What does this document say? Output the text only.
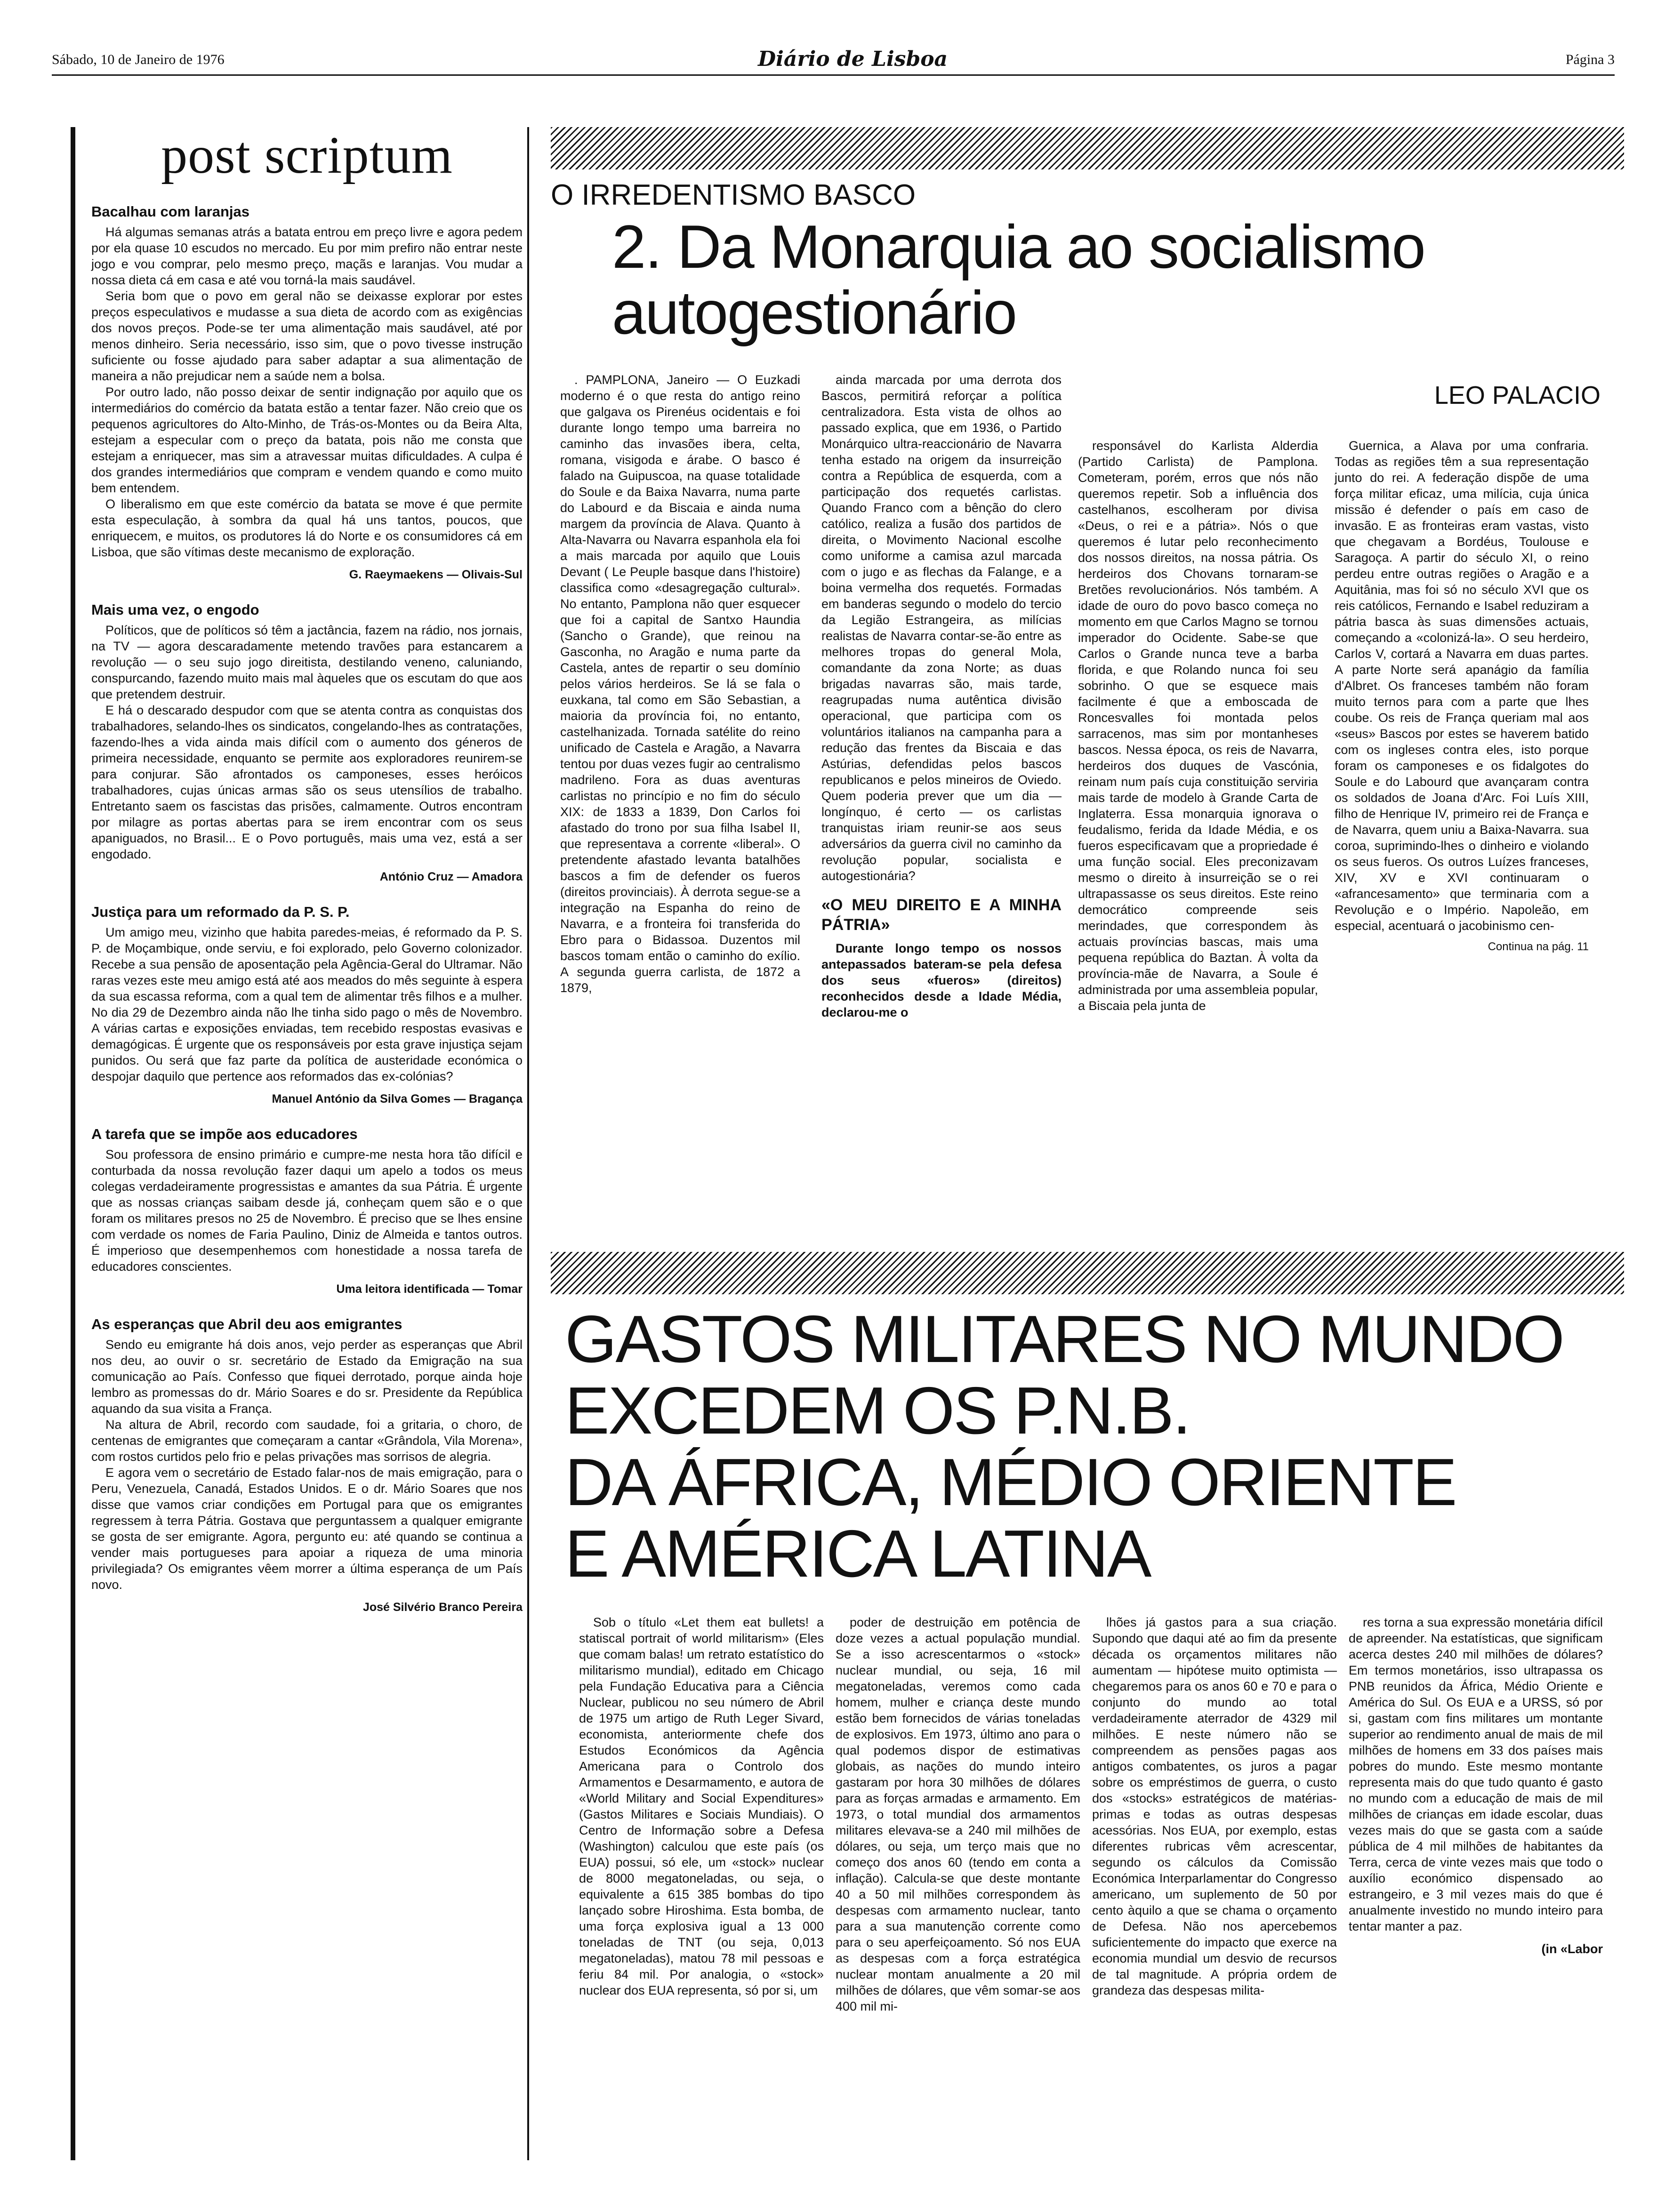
Sábado, 10 de Janeiro de 1976	Diário de Lisboa	Página 3
post scriptum
Bacalhau com laranjas

Há algumas semanas atrás a batata entrou em preço livre e agora pedem por ela quase 10 escudos no mercado. Eu por mim prefiro não entrar neste jogo e vou comprar, pelo mesmo preço, maçãs e laranjas. Vou mudar a nossa dieta cá em casa e até vou torná-la mais saudável.

Seria bom que o povo em geral não se deixasse explorar por estes preços especulativos e mudasse a sua dieta de acordo com as exigências dos novos preços. Pode-se ter uma alimentação mais saudável, até por menos dinheiro. Seria necessário, isso sim, que o povo tivesse instrução suficiente ou fosse ajudado para saber adaptar a sua alimentação de maneira a não prejudicar nem a saúde nem a bolsa.

Por outro lado, não posso deixar de sentir indignação por aquilo que os intermediários do comércio da batata estão a tentar fazer. Não creio que os pequenos agricultores do Alto-Minho, de Trás-os-Montes ou da Beira Alta, estejam a especular com o preço da batata, pois não me consta que estejam a enriquecer, mas sim a atravessar muitas dificuldades. A culpa é dos grandes intermediários que compram e vendem quando e como muito bem entendem.

O liberalismo em que este comércio da batata se move é que permite esta especulação, à sombra da qual há uns tantos, poucos, que enriquecem, e muitos, os produtores lá do Norte e os consumidores cá em Lisboa, que são vítimas deste mecanismo de exploração.

G. Raeymaekens — Olivais-Sul
Mais uma vez, o engodo

Políticos, que de políticos só têm a jactância, fazem na rádio, nos jornais, na TV — agora descaradamente metendo travões para estancarem a revolução — o seu sujo jogo direitista, destilando veneno, caluniando, conspurcando, fazendo muito mais mal àqueles que os escutam do que aos que pretendem destruir.

E há o descarado despudor com que se atenta contra as conquistas dos trabalhadores, selando-lhes os sindicatos, congelando-lhes as contratações, fazendo-lhes a vida ainda mais difícil com o aumento dos géneros de primeira necessidade, enquanto se permite aos exploradores reunirem-se para conjurar. São afrontados os camponeses, esses heróicos trabalhadores, cujas únicas armas são os seus utensílios de trabalho. Entretanto saem os fascistas das prisões, calmamente. Outros encontram por milagre as portas abertas para se irem encontrar com os seus apaniguados, no Brasil... E o Povo português, mais uma vez, está a ser engodado.

António Cruz — Amadora
Justiça para um reformado da P. S. P.

Um amigo meu, vizinho que habita paredes-meias, é reformado da P. S. P. de Moçambique, onde serviu, e foi explorado, pelo Governo colonizador. Recebe a sua pensão de aposentação pela Agência-Geral do Ultramar. Não raras vezes este meu amigo está até aos meados do mês seguinte à espera da sua escassa reforma, com a qual tem de alimentar três filhos e a mulher. No dia 29 de Dezembro ainda não lhe tinha sido pago o mês de Novembro. A várias cartas e exposições enviadas, tem recebido respostas evasivas e demagógicas. É urgente que os responsáveis por esta grave injustiça sejam punidos. Ou será que faz parte da política de austeridade económica o despojar daquilo que pertence aos reformados das ex-colónias?

Manuel António da Silva Gomes — Bragança
A tarefa que se impõe aos educadores

Sou professora de ensino primário e cumpre-me nesta hora tão difícil e conturbada da nossa revolução fazer daqui um apelo a todos os meus colegas verdadeiramente progressistas e amantes da sua Pátria. É urgente que as nossas crianças saibam desde já, conheçam quem são e o que foram os militares presos no 25 de Novembro. É preciso que se lhes ensine com verdade os nomes de Faria Paulino, Diniz de Almeida e tantos outros. É imperioso que desempenhemos com honestidade a nossa tarefa de educadores conscientes.

Uma leitora identificada — Tomar
As esperanças que Abril deu aos emigrantes

Sendo eu emigrante há dois anos, vejo perder as esperanças que Abril nos deu, ao ouvir o sr. secretário de Estado da Emigração na sua comunicação ao País. Confesso que fiquei derrotado, porque ainda hoje lembro as promessas do dr. Mário Soares e do sr. Presidente da República aquando da sua visita a França.

Na altura de Abril, recordo com saudade, foi a gritaria, o choro, de centenas de emigrantes que começaram a cantar «Grândola, Vila Morena», com rostos curtidos pelo frio e pelas privações mas sorrisos de alegria.

E agora vem o secretário de Estado falar-nos de mais emigração, para o Peru, Venezuela, Canadá, Estados Unidos. E o dr. Mário Soares que nos disse que vamos criar condições em Portugal para que os emigrantes regressem à terra Pátria. Gostava que perguntassem a qualquer emigrante se gosta de ser emigrante. Agora, pergunto eu: até quando se continua a vender mais portugueses para apoiar a riqueza de uma minoria privilegiada? Os emigrantes vêem morrer a última esperança de um País novo.

José Silvério Branco Pereira
O IRREDENTISMO BASCO
2. Da Monarquia ao socialismo
autogestionário
LEO PALACIO

. PAMPLONA, Janeiro — O Euzkadi moderno é o que resta do antigo reino que galgava os Pirenéus ocidentais e foi durante longo tempo uma barreira no caminho das invasões ibera, celta, romana, visigoda e árabe. O basco é falado na Guipuscoa, na quase totalidade do Soule e da Baixa Navarra, numa parte do Labourd e da Biscaia e ainda numa margem da província de Alava. Quanto à Alta-Navarra ou Navarra espanhola ela foi a mais marcada por aquilo que Louis Devant ( Le Peuple basque dans l'histoire) classifica como «desagregação cultural». No entanto, Pamplona não quer esquecer que foi a capital de Santxo Haundia (Sancho o Grande), que reinou na Gasconha, no Aragão e numa parte da Castela, antes de repartir o seu domínio pelos vários herdeiros. Se lá se fala o euxkana, tal como em São Sebastian, a maioria da província foi, no entanto, castelhanizada. Tornada satélite do reino unificado de Castela e Aragão, a Navarra tentou por duas vezes fugir ao centralismo madrileno. Fora as duas aventuras carlistas no princípio e no fim do século XIX: de 1833 a 1839, Don Carlos foi afastado do trono por sua filha Isabel II, que representava a corrente «liberal». O pretendente afastado levanta batalhões bascos a fim de defender os fueros (direitos provinciais). À derrota segue-se a integração na Espanha do reino de Navarra, e a fronteira foi transferida do Ebro para o Bidassoa. Duzentos mil bascos tomam então o caminho do exílio. A segunda guerra carlista, de 1872 a 1879,

ainda marcada por uma derrota dos Bascos, permitirá reforçar a política centralizadora. Esta vista de olhos ao passado explica, que em 1936, o Partido Monárquico ultra-reaccionário de Navarra tenha estado na origem da insurreição contra a República de esquerda, com a participação dos requetés carlistas. Quando Franco com a bênção do clero católico, realiza a fusão dos partidos de direita, o Movimento Nacional escolhe como uniforme a camisa azul marcada com o jugo e as flechas da Falange, e a boina vermelha dos requetés. Formadas em banderas segundo o modelo do tercio da Legião Estrangeira, as milícias realistas de Navarra contar-se-ão entre as melhores tropas do general Mola, comandante da zona Norte; as duas brigadas navarras são, mais tarde, reagrupadas numa autêntica divisão operacional, que participa com os voluntários italianos na campanha para a redução das frentes da Biscaia e das Astúrias, defendidas pelos bascos republicanos e pelos mineiros de Oviedo. Quem poderia prever que um dia — longínquo, é certo — os carlistas tranquistas iriam reunir-se aos seus adversários da guerra civil no caminho da revolução popular, socialista e autogestionária?

«O MEU DIREITO E A MINHA PÁTRIA»

Durante longo tempo os nossos antepassados bateram-se pela defesa dos seus «fueros» (direitos) reconhecidos desde a Idade Média, declarou-me o

responsável do Karlista Alderdia (Partido Carlista) de Pamplona. Cometeram, porém, erros que nós não queremos repetir. Sob a influência dos castelhanos, escolheram por divisa «Deus, o rei e a pátria». Nós o que queremos é lutar pelo reconhecimento dos nossos direitos, na nossa pátria. Os herdeiros dos Chovans tornaram-se Bretões revolucionários. Nós também. A idade de ouro do povo basco começa no momento em que Carlos Magno se tornou imperador do Ocidente. Sabe-se que Carlos o Grande nunca teve a barba florida, e que Rolando nunca foi seu sobrinho. O que se esquece mais facilmente é que a emboscada de Roncesvalles foi montada pelos sarracenos, mas sim por montanheses bascos. Nessa época, os reis de Navarra, herdeiros dos duques de Vascónia, reinam num país cuja constituição serviria mais tarde de modelo à Grande Carta de Inglaterra. Essa monarquia ignorava o feudalismo, ferida da Idade Média, e os fueros especificavam que a propriedade é uma função social. Eles preconizavam mesmo o direito à insurreição se o rei ultrapassasse os seus direitos. Este reino democrático compreende seis merindades, que correspondem às actuais províncias bascas, mais uma pequena república do Baztan. À volta da província-mãe de Navarra, a Soule é administrada por uma assembleia popular, a Biscaia pela junta de

Guernica, a Alava por uma confraria. Todas as regiões têm a sua representação junto do rei. A federação dispõe de uma força militar eficaz, uma milícia, cuja única missão é defender o país em caso de invasão. E as fronteiras eram vastas, visto que chegavam a Bordéus, Toulouse e Saragoça. A partir do século XI, o reino perdeu entre outras regiões o Aragão e a Aquitânia, mas foi só no século XVI que os reis católicos, Fernando e Isabel reduziram a pátria basca às suas dimensões actuais, começando a «colonizá-la». O seu herdeiro, Carlos V, cortará a Navarra em duas partes. A parte Norte será apanágio da família d'Albret. Os franceses também não foram muito ternos para com a parte que lhes coube. Os reis de França queriam mal aos «seus» Bascos por estes se haverem batido com os ingleses contra eles, isto porque foram os camponeses e os fidalgotes do Soule e do Labourd que avançaram contra os soldados de Joana d'Arc. Foi Luís XIII, filho de Henrique IV, primeiro rei de França e de Navarra, quem uniu a Baixa-Navarra. sua coroa, suprimindo-lhes o dinheiro e violando os seus fueros. Os outros Luízes franceses, XIV, XV e XVI continuaram o «afrancesamento» que terminaria com a Revolução e o Império. Napoleão, em especial, acentuará o jacobinismo cen-

Continua na pág. 11
GASTOS MILITARES NO MUNDO
EXCEDEM OS P.N.B.
DA ÁFRICA, MÉDIO ORIENTE
E AMÉRICA LATINA

Sob o título «Let them eat bullets! a statiscal portrait of world militarism» (Eles que comam balas! um retrato estatístico do militarismo mundial), editado em Chicago pela Fundação Educativa para a Ciência Nuclear, publicou no seu número de Abril de 1975 um artigo de Ruth Leger Sivard, economista, anteriormente chefe dos Estudos Económicos da Agência Americana para o Controlo dos Armamentos e Desarmamento, e autora de «World Military and Social Expenditures» (Gastos Militares e Sociais Mundiais). O Centro de Informação sobre a Defesa (Washington) calculou que este país (os EUA) possui, só ele, um «stock» nuclear de 8000 megatoneladas, ou seja, o equivalente a 615 385 bombas do tipo lançado sobre Hiroshima. Esta bomba, de uma força explosiva igual a 13 000 toneladas de TNT (ou seja, 0,013 megatoneladas), matou 78 mil pessoas e feriu 84 mil. Por analogia, o «stock» nuclear dos EUA representa, só por si, um

poder de destruição em potência de doze vezes a actual população mundial. Se a isso acrescentarmos o «stock» nuclear mundial, ou seja, 16 mil megatoneladas, veremos como cada homem, mulher e criança deste mundo estão bem fornecidos de várias toneladas de explosivos. Em 1973, último ano para o qual podemos dispor de estimativas globais, as nações do mundo inteiro gastaram por hora 30 milhões de dólares para as forças armadas e armamento. Em 1973, o total mundial dos armamentos militares elevava-se a 240 mil milhões de dólares, ou seja, um terço mais que no começo dos anos 60 (tendo em conta a inflação). Calcula-se que deste montante 40 a 50 mil milhões correspondem às despesas com armamento nuclear, tanto para a sua manutenção corrente como para o seu aperfeiçoamento. Só nos EUA as despesas com a força estratégica nuclear montam anualmente a 20 mil milhões de dólares, que vêm somar-se aos 400 mil mi-

lhões já gastos para a sua criação. Supondo que daqui até ao fim da presente década os orçamentos militares não aumentam — hipótese muito optimista — chegaremos para os anos 60 e 70 e para o conjunto do mundo ao total verdadeiramente aterrador de 4329 mil milhões. E neste número não se compreendem as pensões pagas aos antigos combatentes, os juros a pagar sobre os empréstimos de guerra, o custo dos «stocks» estratégicos de matérias-primas e todas as outras despesas acessórias. Nos EUA, por exemplo, estas diferentes rubricas vêm acrescentar, segundo os cálculos da Comissão Económica Interparlamentar do Congresso americano, um suplemento de 50 por cento àquilo a que se chama o orçamento de Defesa. Não nos apercebemos suficientemente do impacto que exerce na economia mundial um desvio de recursos de tal magnitude. A própria ordem de grandeza das despesas milita-

res torna a sua expressão monetária difícil de apreender. Na estatísticas, que significam acerca destes 240 mil milhões de dólares? Em termos monetários, isso ultrapassa os PNB reunidos da África, Médio Oriente e América do Sul. Os EUA e a URSS, só por si, gastam com fins militares um montante superior ao rendimento anual de mais de mil milhões de homens em 33 dos países mais pobres do mundo. Este mesmo montante representa mais do que tudo quanto é gasto no mundo com a educação de mais de mil milhões de crianças em idade escolar, duas vezes mais do que se gasta com a saúde pública de 4 mil milhões de habitantes da Terra, cerca de vinte vezes mais que todo o auxílio económico dispensado ao estrangeiro, e 3 mil vezes mais do que é anualmente investido no mundo inteiro para tentar manter a paz.

(in «Labor
